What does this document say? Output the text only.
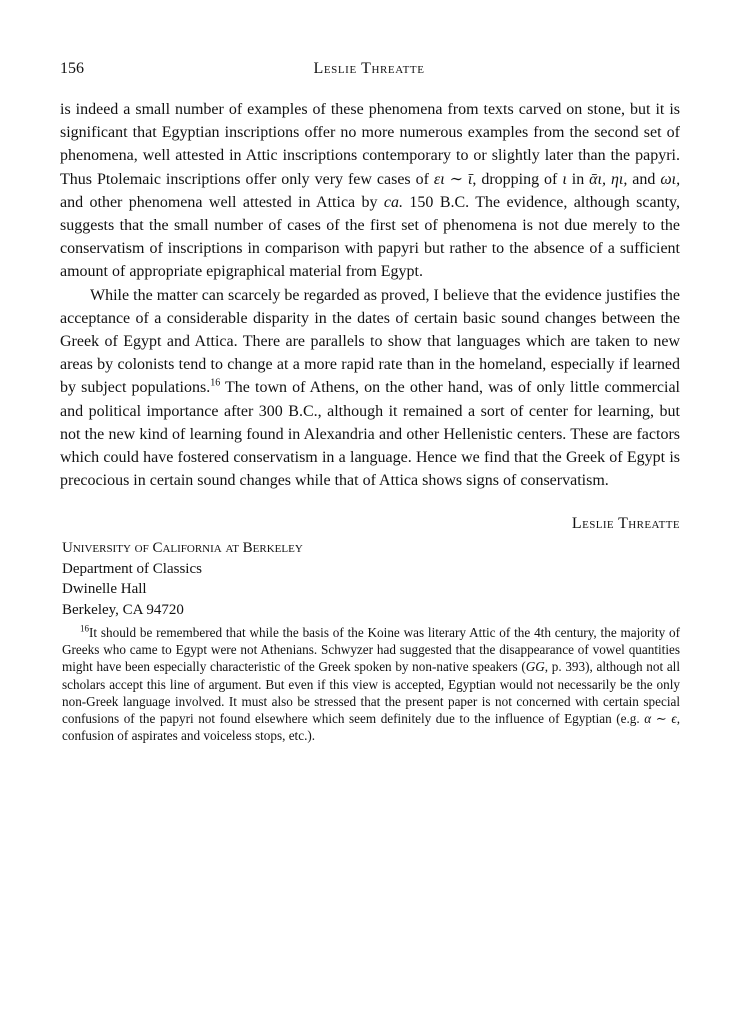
156	Leslie Threatte

is indeed a small number of examples of these phenomena from texts carved on stone, but it is significant that Egyptian inscriptions offer no more numerous examples from the second set of phenomena, well attested in Attic inscriptions contemporary to or slightly later than the papyri. Thus Ptolemaic inscriptions offer only very few cases of ει ∼ ῑ, dropping of ι in ᾱι, ηι, and ωι, and other phenomena well attested in Attica by ca. 150 B.C. The evidence, although scanty, suggests that the small number of cases of the first set of phenomena is not due merely to the conservatism of inscriptions in comparison with papyri but rather to the absence of a sufficient amount of appropriate epigraphical material from Egypt.

While the matter can scarcely be regarded as proved, I believe that the evidence justifies the acceptance of a considerable disparity in the dates of certain basic sound changes between the Greek of Egypt and Attica. There are parallels to show that languages which are taken to new areas by colonists tend to change at a more rapid rate than in the homeland, especially if learned by subject populations.$^{16}$ The town of Athens, on the other hand, was of only little commercial and political importance after 300 B.C., although it remained a sort of center for learning, but not the new kind of learning found in Alexandria and other Hellenistic centers. These are factors which could have fostered conservatism in a language. Hence we find that the Greek of Egypt is precocious in certain sound changes while that of Attica shows signs of conservatism.

Leslie Threatte
University of California at Berkeley
Department of Classics
Dwinelle Hall
Berkeley, CA 94720
$^{16}$It should be remembered that while the basis of the Koine was literary Attic of the 4th century, the majority of Greeks who came to Egypt were not Athenians. Schwyzer had suggested that the disappearance of vowel quantities might have been especially characteristic of the Greek spoken by non-native speakers (GG, p. 393), although not all scholars accept this line of argument. But even if this view is accepted, Egyptian would not necessarily be the only non-Greek language involved. It must also be stressed that the present paper is not concerned with certain special confusions of the papyri not found elsewhere which seem definitely due to the influence of Egyptian (e.g. α ∼ ϵ, confusion of aspirates and voiceless stops, etc.).
